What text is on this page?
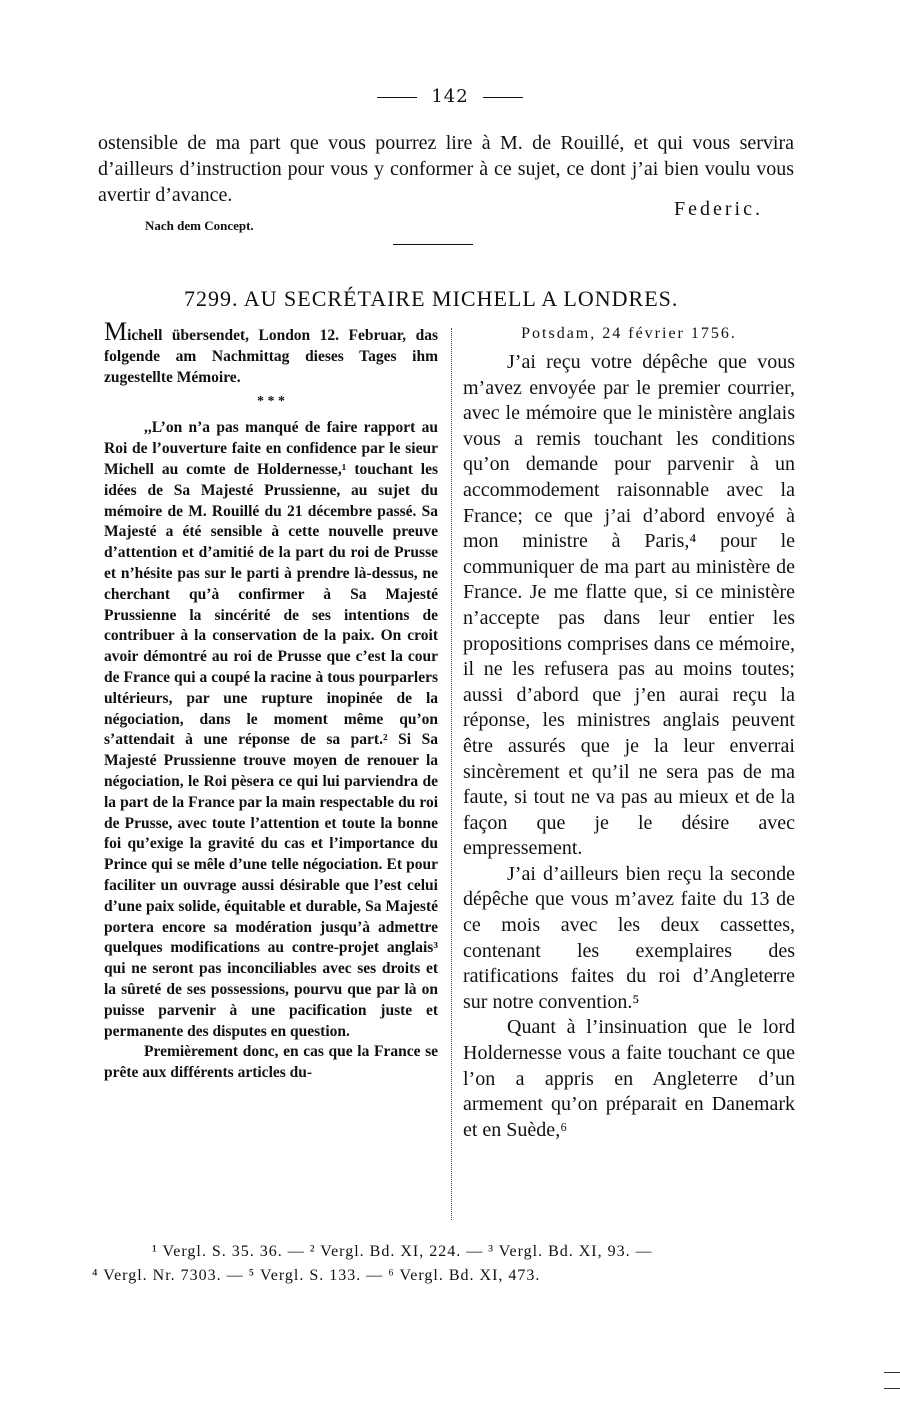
142
ostensible de ma part que vous pourrez lire à M. de Rouillé, et qui vous servira d’ailleurs d’instruction pour vous y conformer à ce sujet, ce dont j’ai bien voulu vous avertir d’avance.
Federic.
Nach dem Concept.
7299. AU SECRÉTAIRE MICHELL A LONDRES.

Michell übersendet, London 12. Februar, das folgende am Nachmittag dieses Tages ihm zugestellte Mémoire.

* * *

,,L’on n’a pas manqué de faire rapport au Roi de l’ouverture faite en confidence par le sieur Michell au comte de Holdernesse,¹ touchant les idées de Sa Majesté Prussienne, au sujet du mémoire de M. Rouillé du 21 décembre passé. Sa Majesté a été sensible à cette nouvelle preuve d’attention et d’amitié de la part du roi de Prusse et n’hésite pas sur le parti à prendre là-dessus, ne cherchant qu’à confirmer à Sa Majesté Prussienne la sincérité de ses intentions de contribuer à la conservation de la paix. On croit avoir démontré au roi de Prusse que c’est la cour de France qui a coupé la racine à tous pourparlers ultérieurs, par une rupture inopinée de la négociation, dans le moment même qu’on s’attendait à une réponse de sa part.² Si Sa Majesté Prussienne trouve moyen de renouer la négociation, le Roi pèsera ce qui lui parviendra de la part de la France par la main respectable du roi de Prusse, avec toute l’attention et toute la bonne foi qu’exige la gravité du cas et l’importance du Prince qui se mêle d’une telle négociation. Et pour faciliter un ouvrage aussi désirable que l’est celui d’une paix solide, équitable et durable, Sa Majesté portera encore sa modération jusqu’à admettre quelques modifications au contre-projet anglais³ qui ne seront pas inconciliables avec ses droits et la sûreté de ses possessions, pourvu que par là on puisse parvenir à une pacification juste et permanente des disputes en question.

Premièrement donc, en cas que la France se prête aux différents articles du-

Potsdam, 24 février 1756.

J’ai reçu votre dépêche que vous m’avez envoyée par le premier courrier, avec le mémoire que le ministère anglais vous a remis touchant les conditions qu’on demande pour parvenir à un accommodement raisonnable avec la France; ce que j’ai d’abord envoyé à mon ministre à Paris,⁴ pour le communiquer de ma part au ministère de France. Je me flatte que, si ce ministère n’accepte pas dans leur entier les propositions comprises dans ce mémoire, il ne les refusera pas au moins toutes; aussi d’abord que j’en aurai reçu la réponse, les ministres anglais peuvent être assurés que je la leur enverrai sincèrement et qu’il ne sera pas de ma faute, si tout ne va pas au mieux et de la façon que je le désire avec empressement.

J’ai d’ailleurs bien reçu la seconde dépêche que vous m’avez faite du 13 de ce mois avec les deux cassettes, contenant les exemplaires des ratifications faites du roi d’Angleterre sur notre convention.⁵

Quant à l’insinuation que le lord Holdernesse vous a faite touchant ce que l’on a appris en Angleterre d’un armement qu’on préparait en Danemark et en Suède,⁶

¹ Vergl. S. 35. 36. — ² Vergl. Bd. XI, 224. — ³ Vergl. Bd. XI, 93. —
⁴ Vergl. Nr. 7303. — ⁵ Vergl. S. 133. — ⁶ Vergl. Bd. XI, 473.
